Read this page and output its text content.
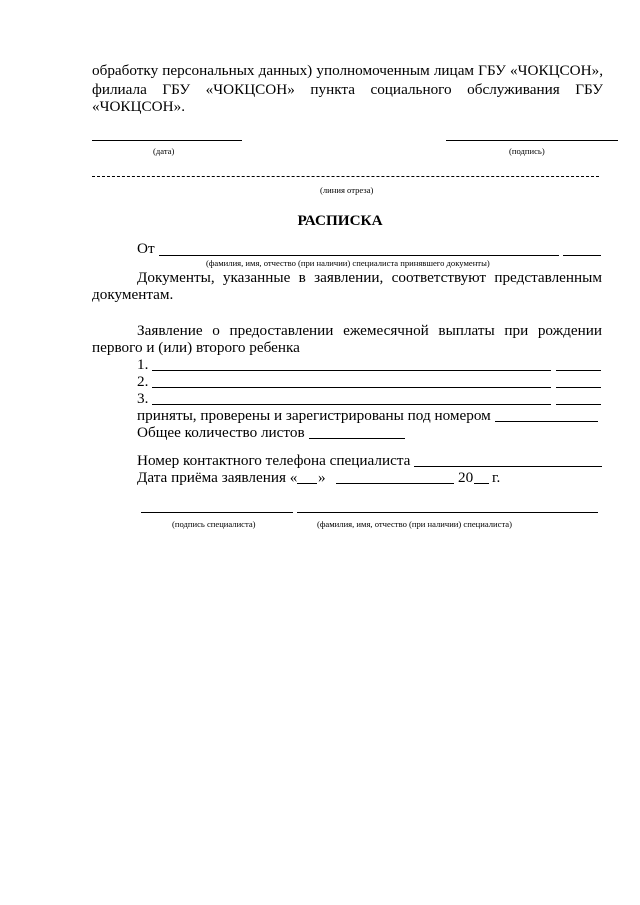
обработку персональных данных) уполномоченным лицам ГБУ «ЧОКЦСОН»,
филиала ГБУ «ЧОКЦСОН» пункта социального обслуживания ГБУ
«ЧОКЦСОН».
(дата)	(подпись)
(линия отреза)
РАСПИСКА
От
(фамилия, имя, отчество (при наличии) специалиста принявшего документы)
Документы, указанные в заявлении, соответствуют представленным
документам.
Заявление о предоставлении ежемесячной выплаты при рождении
первого и (или) второго ребенка
1.
2.
3.
приняты, проверены и зарегистрированы под номером
Общее количество листов
Номер контактного телефона специалиста
Дата приёма заявления « »	20 г.
(подпись специалиста)	(фамилия, имя, отчество (при наличии) специалиста)
